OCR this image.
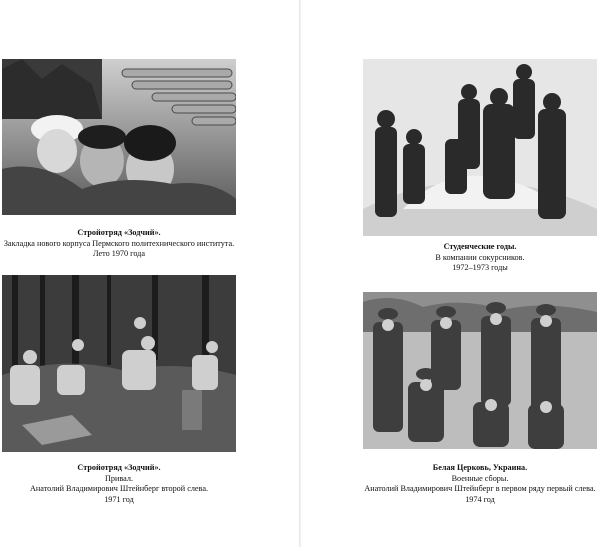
Стройотряд «Зодчий».
Закладка нового корпуса Пермского политехнического института.
Лето 1970 года
Студенческие годы.
В компании сокурсников.
1972–1973 годы
Стройотряд «Зодчий».
Привал.
Анатолий Владимирович Штейнберг второй слева.
1971 год
Белая Церковь, Украина.
Военные сборы.
Анатолий Владимирович Штейнберг в первом ряду первый слева.
1974 год
